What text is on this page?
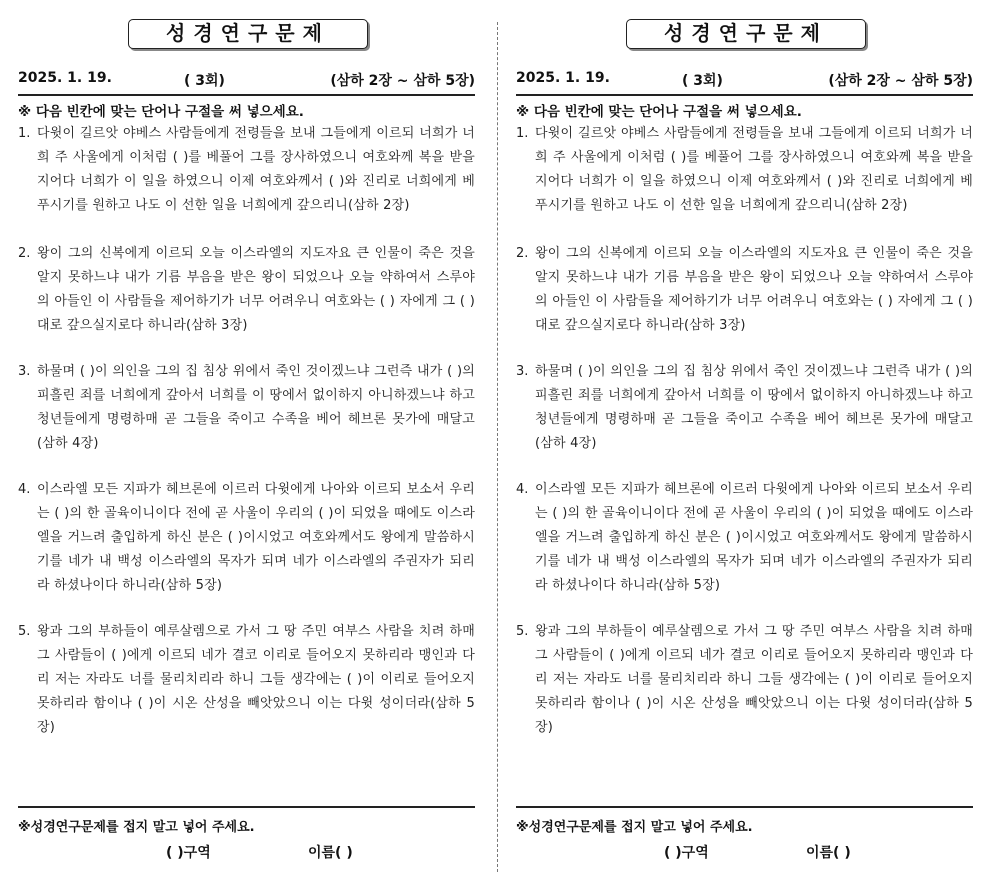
성경연구문제
2025. 1. 19.	( 3회)	(삼하 2장 ~ 삼하 5장)
※ 다음 빈칸에 맞는 단어나 구절을 써 넣으세요.
1. 다윗이 길르앗 야베스 사람들에게 전령들을 보내 그들에게 이르되 너희가 너희 주 사울에게 이처럼 ( )를 베풀어 그를 장사하였으니 여호와께 복을 받을지어다 너희가 이 일을 하였으니 이제 여호와께서 ( )와 진리로 너희에게 베푸시기를 원하고 나도 이 선한 일을 너희에게 갚으리니(삼하 2장)
2. 왕이 그의 신복에게 이르되 오늘 이스라엘의 지도자요 큰 인물이 죽은 것을 알지 못하느냐 내가 기름 부음을 받은 왕이 되었으나 오늘 약하여서 스루야의 아들인 이 사람들을 제어하기가 너무 어려우니 여호와는 ( ) 자에게 그 ( ) 대로 갚으실지로다 하니라(삼하 3장)
3. 하물며 ( )이 의인을 그의 집 침상 위에서 죽인 것이겠느냐 그런즉 내가 ( )의 피흘린 죄를 너희에게 갚아서 너희를 이 땅에서 없이하지 아니하겠느냐 하고 청년들에게 명령하매 곧 그들을 죽이고 수족을 베어 헤브론 못가에 매달고 (삼하 4장)
4. 이스라엘 모든 지파가 헤브론에 이르러 다윗에게 나아와 이르되 보소서 우리는 ( )의 한 골육이니이다 전에 곧 사울이 우리의 ( )이 되었을 때에도 이스라엘을 거느려 출입하게 하신 분은 ( )이시었고 여호와께서도 왕에게 말씀하시기를 네가 내 백성 이스라엘의 목자가 되며 네가 이스라엘의 주권자가 되리라 하셨나이다 하니라(삼하 5장)
5. 왕과 그의 부하들이 예루살렘으로 가서 그 땅 주민 여부스 사람을 치려 하매 그 사람들이 ( )에게 이르되 네가 결코 이리로 들어오지 못하리라 맹인과 다리 저는 자라도 너를 물리치리라 하니 그들 생각에는 ( )이 이리로 들어오지 못하리라 함이나 ( )이 시온 산성을 빼앗았으니 이는 다윗 성이더라(삼하 5장)
※성경연구문제를 접지 말고 넣어 주세요.
( )구역	이름( )
성경연구문제
2025. 1. 19.	( 3회)	(삼하 2장 ~ 삼하 5장)
※ 다음 빈칸에 맞는 단어나 구절을 써 넣으세요.
1. 다윗이 길르앗 야베스 사람들에게 전령들을 보내 그들에게 이르되 너희가 너희 주 사울에게 이처럼 ( )를 베풀어 그를 장사하였으니 여호와께 복을 받을지어다 너희가 이 일을 하였으니 이제 여호와께서 ( )와 진리로 너희에게 베푸시기를 원하고 나도 이 선한 일을 너희에게 갚으리니(삼하 2장)
2. 왕이 그의 신복에게 이르되 오늘 이스라엘의 지도자요 큰 인물이 죽은 것을 알지 못하느냐 내가 기름 부음을 받은 왕이 되었으나 오늘 약하여서 스루야의 아들인 이 사람들을 제어하기가 너무 어려우니 여호와는 ( ) 자에게 그 ( ) 대로 갚으실지로다 하니라(삼하 3장)
3. 하물며 ( )이 의인을 그의 집 침상 위에서 죽인 것이겠느냐 그런즉 내가 ( )의 피흘린 죄를 너희에게 갚아서 너희를 이 땅에서 없이하지 아니하겠느냐 하고 청년들에게 명령하매 곧 그들을 죽이고 수족을 베어 헤브론 못가에 매달고 (삼하 4장)
4. 이스라엘 모든 지파가 헤브론에 이르러 다윗에게 나아와 이르되 보소서 우리는 ( )의 한 골육이니이다 전에 곧 사울이 우리의 ( )이 되었을 때에도 이스라엘을 거느려 출입하게 하신 분은 ( )이시었고 여호와께서도 왕에게 말씀하시기를 네가 내 백성 이스라엘의 목자가 되며 네가 이스라엘의 주권자가 되리라 하셨나이다 하니라(삼하 5장)
5. 왕과 그의 부하들이 예루살렘으로 가서 그 땅 주민 여부스 사람을 치려 하매 그 사람들이 ( )에게 이르되 네가 결코 이리로 들어오지 못하리라 맹인과 다리 저는 자라도 너를 물리치리라 하니 그들 생각에는 ( )이 이리로 들어오지 못하리라 함이나 ( )이 시온 산성을 빼앗았으니 이는 다윗 성이더라(삼하 5장)
※성경연구문제를 접지 말고 넣어 주세요.
( )구역	이름( )
